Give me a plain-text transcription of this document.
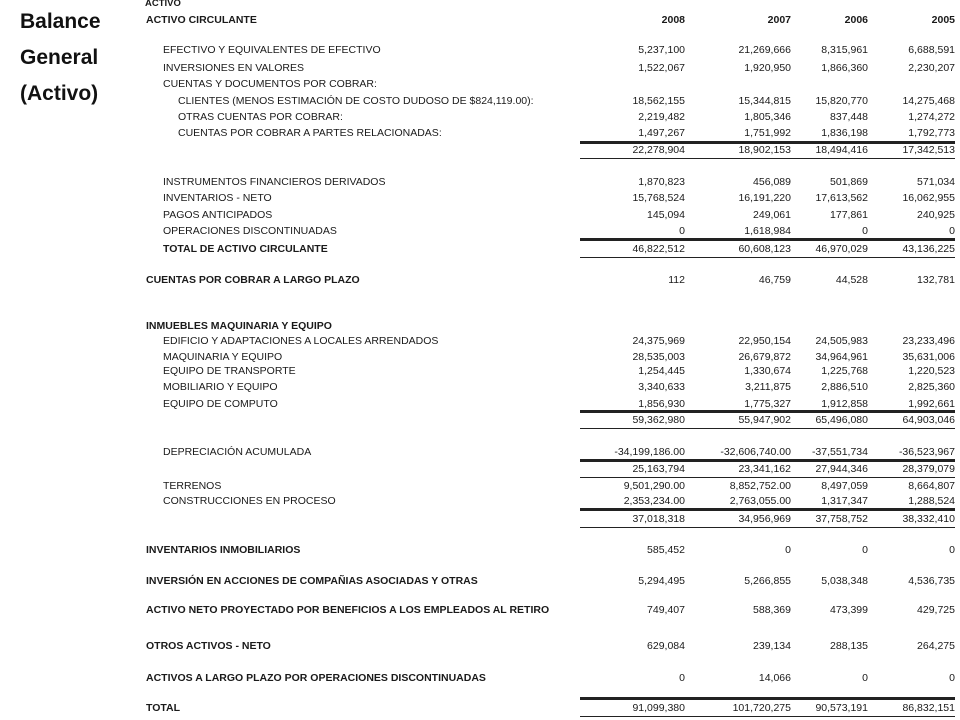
Balance
General
(Activo)
ACTIVO
ACTIVO CIRCULANTE	2008	2007	2006	2005
EFECTIVO Y EQUIVALENTES DE EFECTIVO	5,237,100	21,269,666	8,315,961	6,688,591
INVERSIONES EN VALORES	1,522,067	1,920,950	1,866,360	2,230,207
CUENTAS Y DOCUMENTOS POR COBRAR:
CLIENTES (MENOS ESTIMACIÓN DE COSTO DUDOSO DE $824,119.00):	18,562,155	15,344,815	15,820,770	14,275,468
OTRAS CUENTAS POR COBRAR:	2,219,482	1,805,346	837,448	1,274,272
CUENTAS POR COBRAR A PARTES RELACIONADAS:	1,497,267	1,751,992	1,836,198	1,792,773
22,278,904	18,902,153	18,494,416	17,342,513
INSTRUMENTOS FINANCIEROS DERIVADOS	1,870,823	456,089	501,869	571,034
INVENTARIOS - NETO	15,768,524	16,191,220	17,613,562	16,062,955
PAGOS ANTICIPADOS	145,094	249,061	177,861	240,925
OPERACIONES DISCONTINUADAS	0	1,618,984	0	0
TOTAL DE ACTIVO CIRCULANTE	46,822,512	60,608,123	46,970,029	43,136,225
CUENTAS POR COBRAR A LARGO PLAZO	112	46,759	44,528	132,781
INMUEBLES MAQUINARIA Y EQUIPO
EDIFICIO Y ADAPTACIONES A LOCALES ARRENDADOS	24,375,969	22,950,154	24,505,983	23,233,496
MAQUINARIA Y EQUIPO	28,535,003	26,679,872	34,964,961	35,631,006
EQUIPO DE TRANSPORTE	1,254,445	1,330,674	1,225,768	1,220,523
MOBILIARIO Y EQUIPO	3,340,633	3,211,875	2,886,510	2,825,360
EQUIPO DE COMPUTO	1,856,930	1,775,327	1,912,858	1,992,661
59,362,980	55,947,902	65,496,080	64,903,046
DEPRECIACIÓN ACUMULADA	-34,199,186.00	-32,606,740.00	-37,551,734	-36,523,967
25,163,794	23,341,162	27,944,346	28,379,079
TERRENOS	9,501,290.00	8,852,752.00	8,497,059	8,664,807
CONSTRUCCIONES EN PROCESO	2,353,234.00	2,763,055.00	1,317,347	1,288,524
37,018,318	34,956,969	37,758,752	38,332,410
INVENTARIOS INMOBILIARIOS	585,452	0	0	0
INVERSIÓN EN ACCIONES DE COMPAÑIAS ASOCIADAS Y OTRAS	5,294,495	5,266,855	5,038,348	4,536,735
ACTIVO NETO PROYECTADO POR BENEFICIOS A LOS EMPLEADOS AL RETIRO	749,407	588,369	473,399	429,725
OTROS ACTIVOS - NETO	629,084	239,134	288,135	264,275
ACTIVOS A LARGO PLAZO POR OPERACIONES DISCONTINUADAS	0	14,066	0	0
TOTAL	91,099,380	101,720,275	90,573,191	86,832,151
